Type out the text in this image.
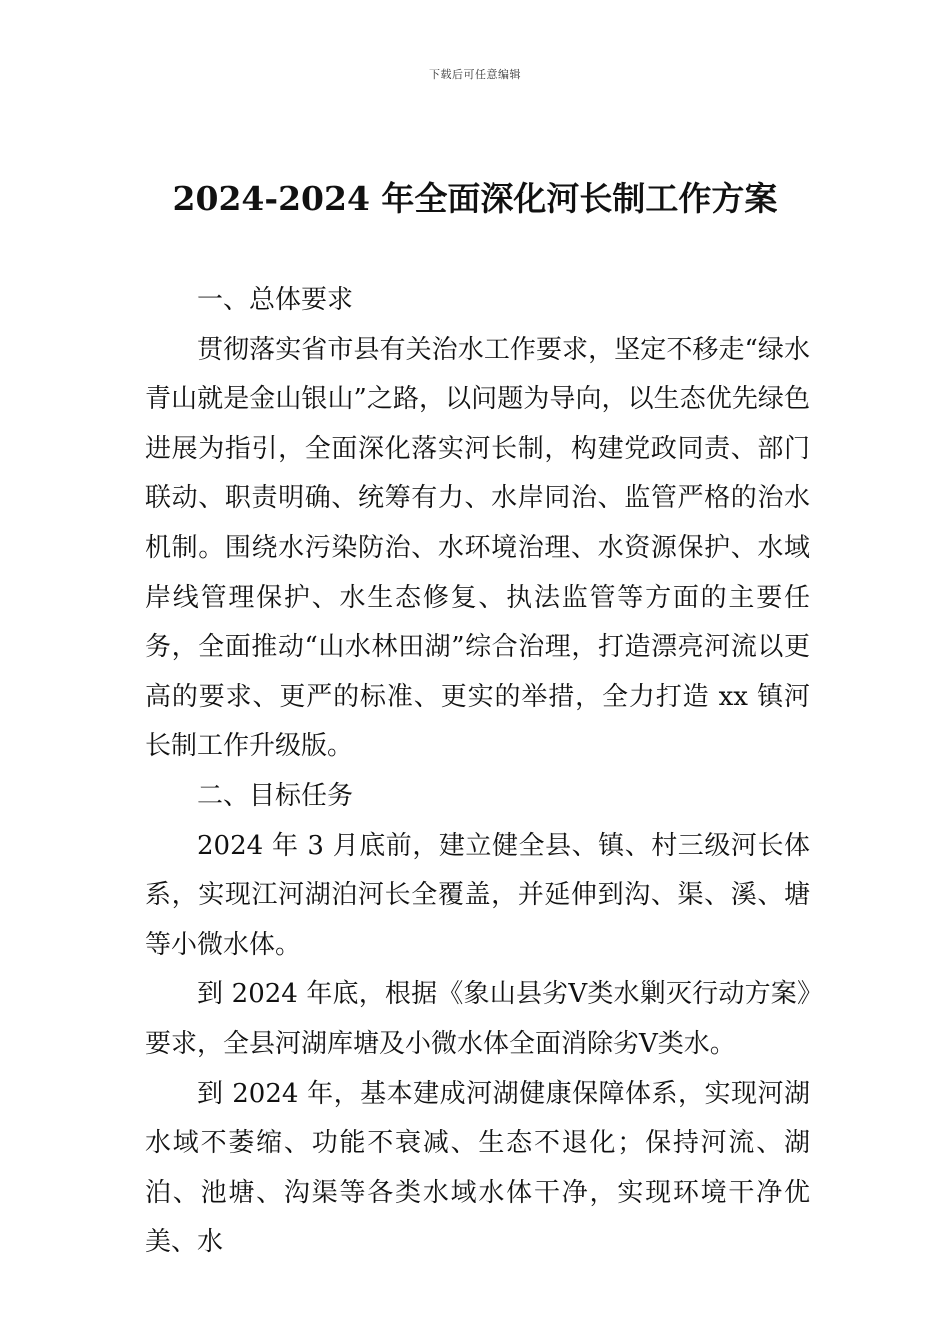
下载后可任意编辑
2024-2024 年全面深化河长制工作方案

一、总体要求

贯彻落实省市县有关治水工作要求，坚定不移走“绿水青山就是金山银山”之路，以问题为导向，以生态优先绿色进展为指引，全面深化落实河长制，构建党政同责、部门联动、职责明确、统筹有力、水岸同治、监管严格的治水机制。围绕水污染防治、水环境治理、水资源保护、水域岸线管理保护、水生态修复、执法监管等方面的主要任务，全面推动“山水林田湖”综合治理，打造漂亮河流以更高的要求、更严的标准、更实的举措，全力打造 xx 镇河长制工作升级版。

二、目标任务

2024 年 3 月底前，建立健全县、镇、村三级河长体系，实现江河湖泊河长全覆盖，并延伸到沟、渠、溪、塘等小微水体。

到 2024 年底，根据《象山县劣Ⅴ类水剿灭行动方案》要求，全县河湖库塘及小微水体全面消除劣Ⅴ类水。

到 2024 年，基本建成河湖健康保障体系，实现河湖水域不萎缩、功能不衰减、生态不退化；保持河流、湖泊、池塘、沟渠等各类水域水体干净，实现环境干净优美、水
